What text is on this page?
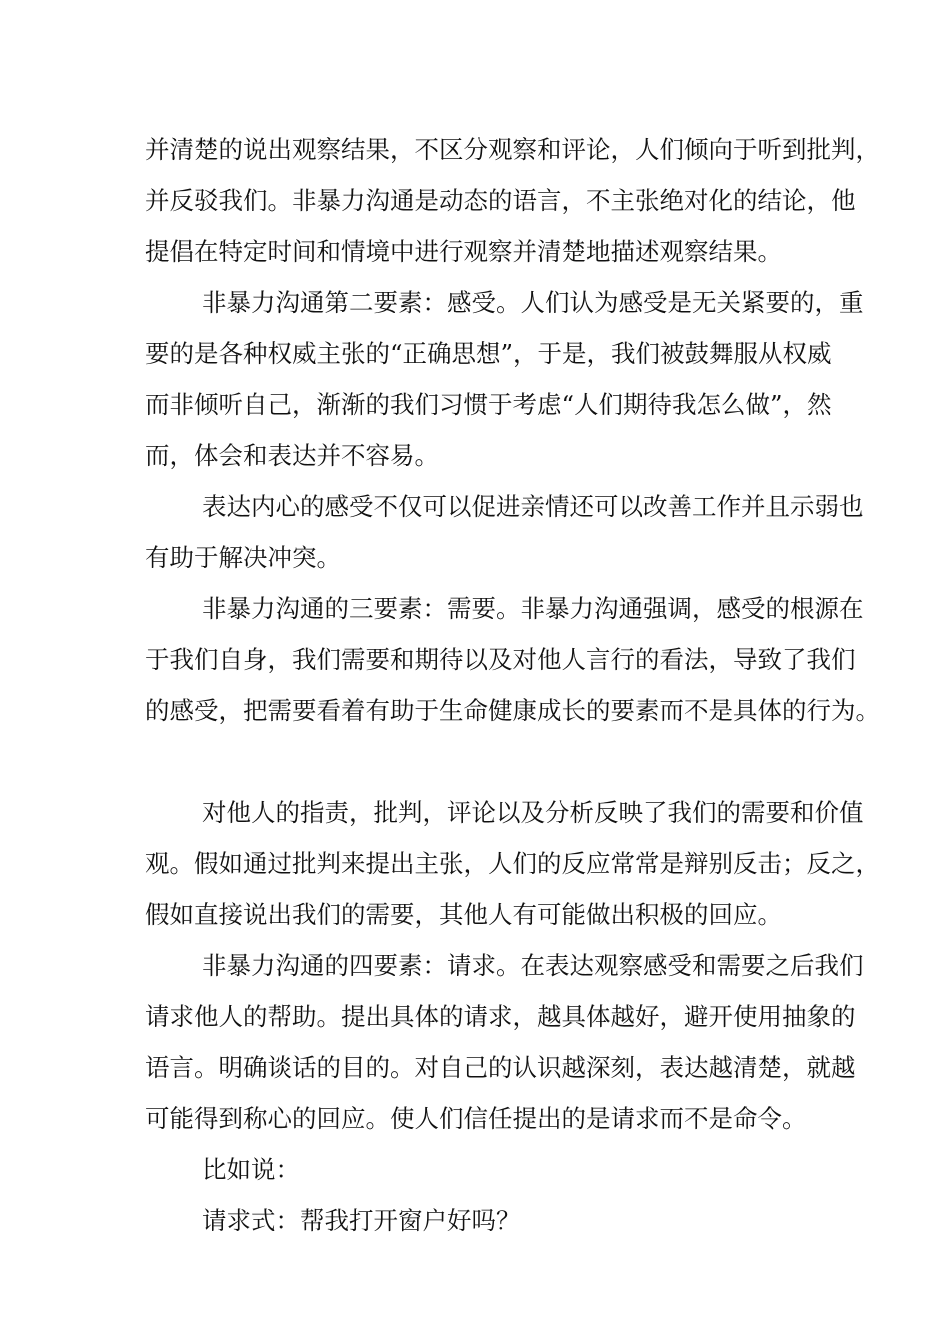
并清楚的说出观察结果，不区分观察和评论，人们倾向于听到批判，

并反驳我们。非暴力沟通是动态的语言，不主张绝对化的结论，他

提倡在特定时间和情境中进行观察并清楚地描述观察结果。

非暴力沟通第二要素：感受。人们认为感受是无关紧要的，重

要的是各种权威主张的“正确思想”，于是，我们被鼓舞服从权威

而非倾听自己，渐渐的我们习惯于考虑“人们期待我怎么做”，然

而，体会和表达并不容易。

表达内心的感受不仅可以促进亲情还可以改善工作并且示弱也

有助于解决冲突。

非暴力沟通的三要素：需要。非暴力沟通强调，感受的根源在

于我们自身，我们需要和期待以及对他人言行的看法，导致了我们

的感受，把需要看着有助于生命健康成长的要素而不是具体的行为。

对他人的指责，批判，评论以及分析反映了我们的需要和价值

观。假如通过批判来提出主张，人们的反应常常是辩别反击；反之，

假如直接说出我们的需要，其他人有可能做出积极的回应。

非暴力沟通的四要素：请求。在表达观察感受和需要之后我们

请求他人的帮助。提出具体的请求，越具体越好，避开使用抽象的

语言。明确谈话的目的。对自己的认识越深刻，表达越清楚，就越

可能得到称心的回应。使人们信任提出的是请求而不是命令。

比如说：

请求式：帮我打开窗户好吗？
